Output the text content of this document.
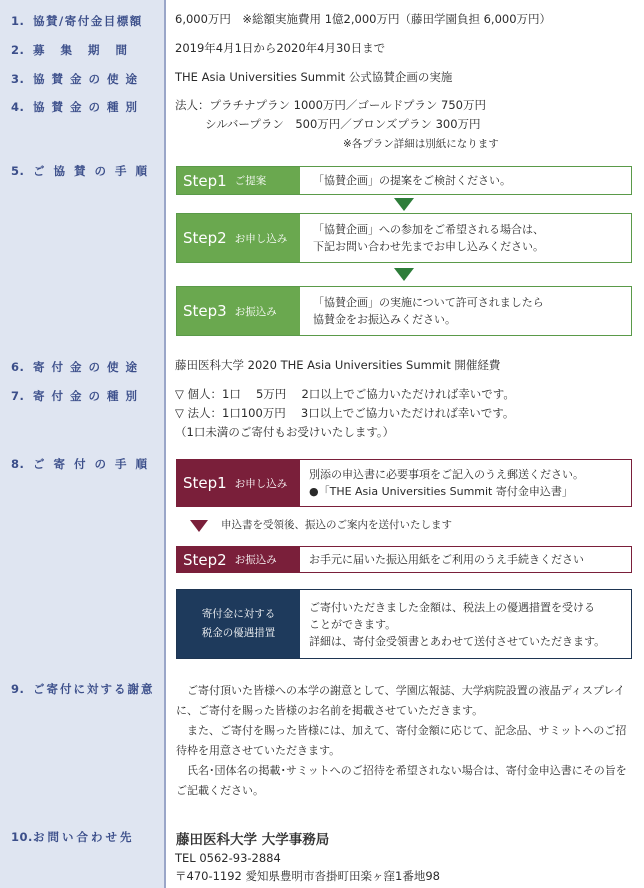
1. 協賛/寄付金目標額
2. 募 集 期 間
3. 協賛金の使途
4. 協賛金の種別
5. ご協賛の手順
6. 寄付金の使途
7. 寄付金の種別
8. ご寄付の手順
9. ご寄付に対する謝意
10.お問い合わせ先
6,000万円　※総額実施費用 1億2,000万円（藤田学園負担 6,000万円）
2019年4月1日から2020年4月30日まで
THE Asia Universities Summit 公式協賛企画の実施
法人：プラチナプラン 1000万円／ゴールドプラン 750万円
シルバープラン　500万円／ブロンズプラン 300万円
※各プラン詳細は別紙になります
Step1 ご提案	「協賛企画」の提案をご検討ください。
Step2 お申し込み
「協賛企画」への参加をご希望される場合は、
下記お問い合わせ先までお申し込みください。
Step3 お振込み
「協賛企画」の実施について許可されましたら
協賛金をお振込みください。
藤田医科大学 2020 THE Asia Universities Summit 開催経費
▽ 個人：1口　 5万円　 2口以上でご協力いただければ幸いです。
▽ 法人：1口100万円　 3口以上でご協力いただければ幸いです。
（1口未満のご寄付もお受けいたします。）
Step1 お申し込み
別添の申込書に必要事項をご記入のうえ郵送ください。
●「THE Asia Universities Summit 寄付金申込書」
申込書を受領後、振込のご案内を送付いたします
Step2 お振込み	お手元に届いた振込用紙をご利用のうえ手続きください
寄付金に対する
税金の優遇措置
ご寄付いただきました金額は、税法上の優遇措置を受ける
ことができます。
詳細は、寄付金受領書とあわせて送付させていただきます。

　ご寄付頂いた皆様への本学の謝意として、学園広報誌、大学病院設置の液晶ディスプレイに、ご寄付を賜った皆様のお名前を掲載させていただきます。

　また、ご寄付を賜った皆様には、加えて、寄付金額に応じて、記念品、サミットへのご招待枠を用意させていただきます。

　氏名･団体名の掲載･サミットへのご招待を希望されない場合は、寄付金申込書にその旨をご記載ください。

藤田医科大学 大学事務局
TEL 0562-93-2884
〒470-1192 愛知県豊明市沓掛町田楽ヶ窪1番地98
